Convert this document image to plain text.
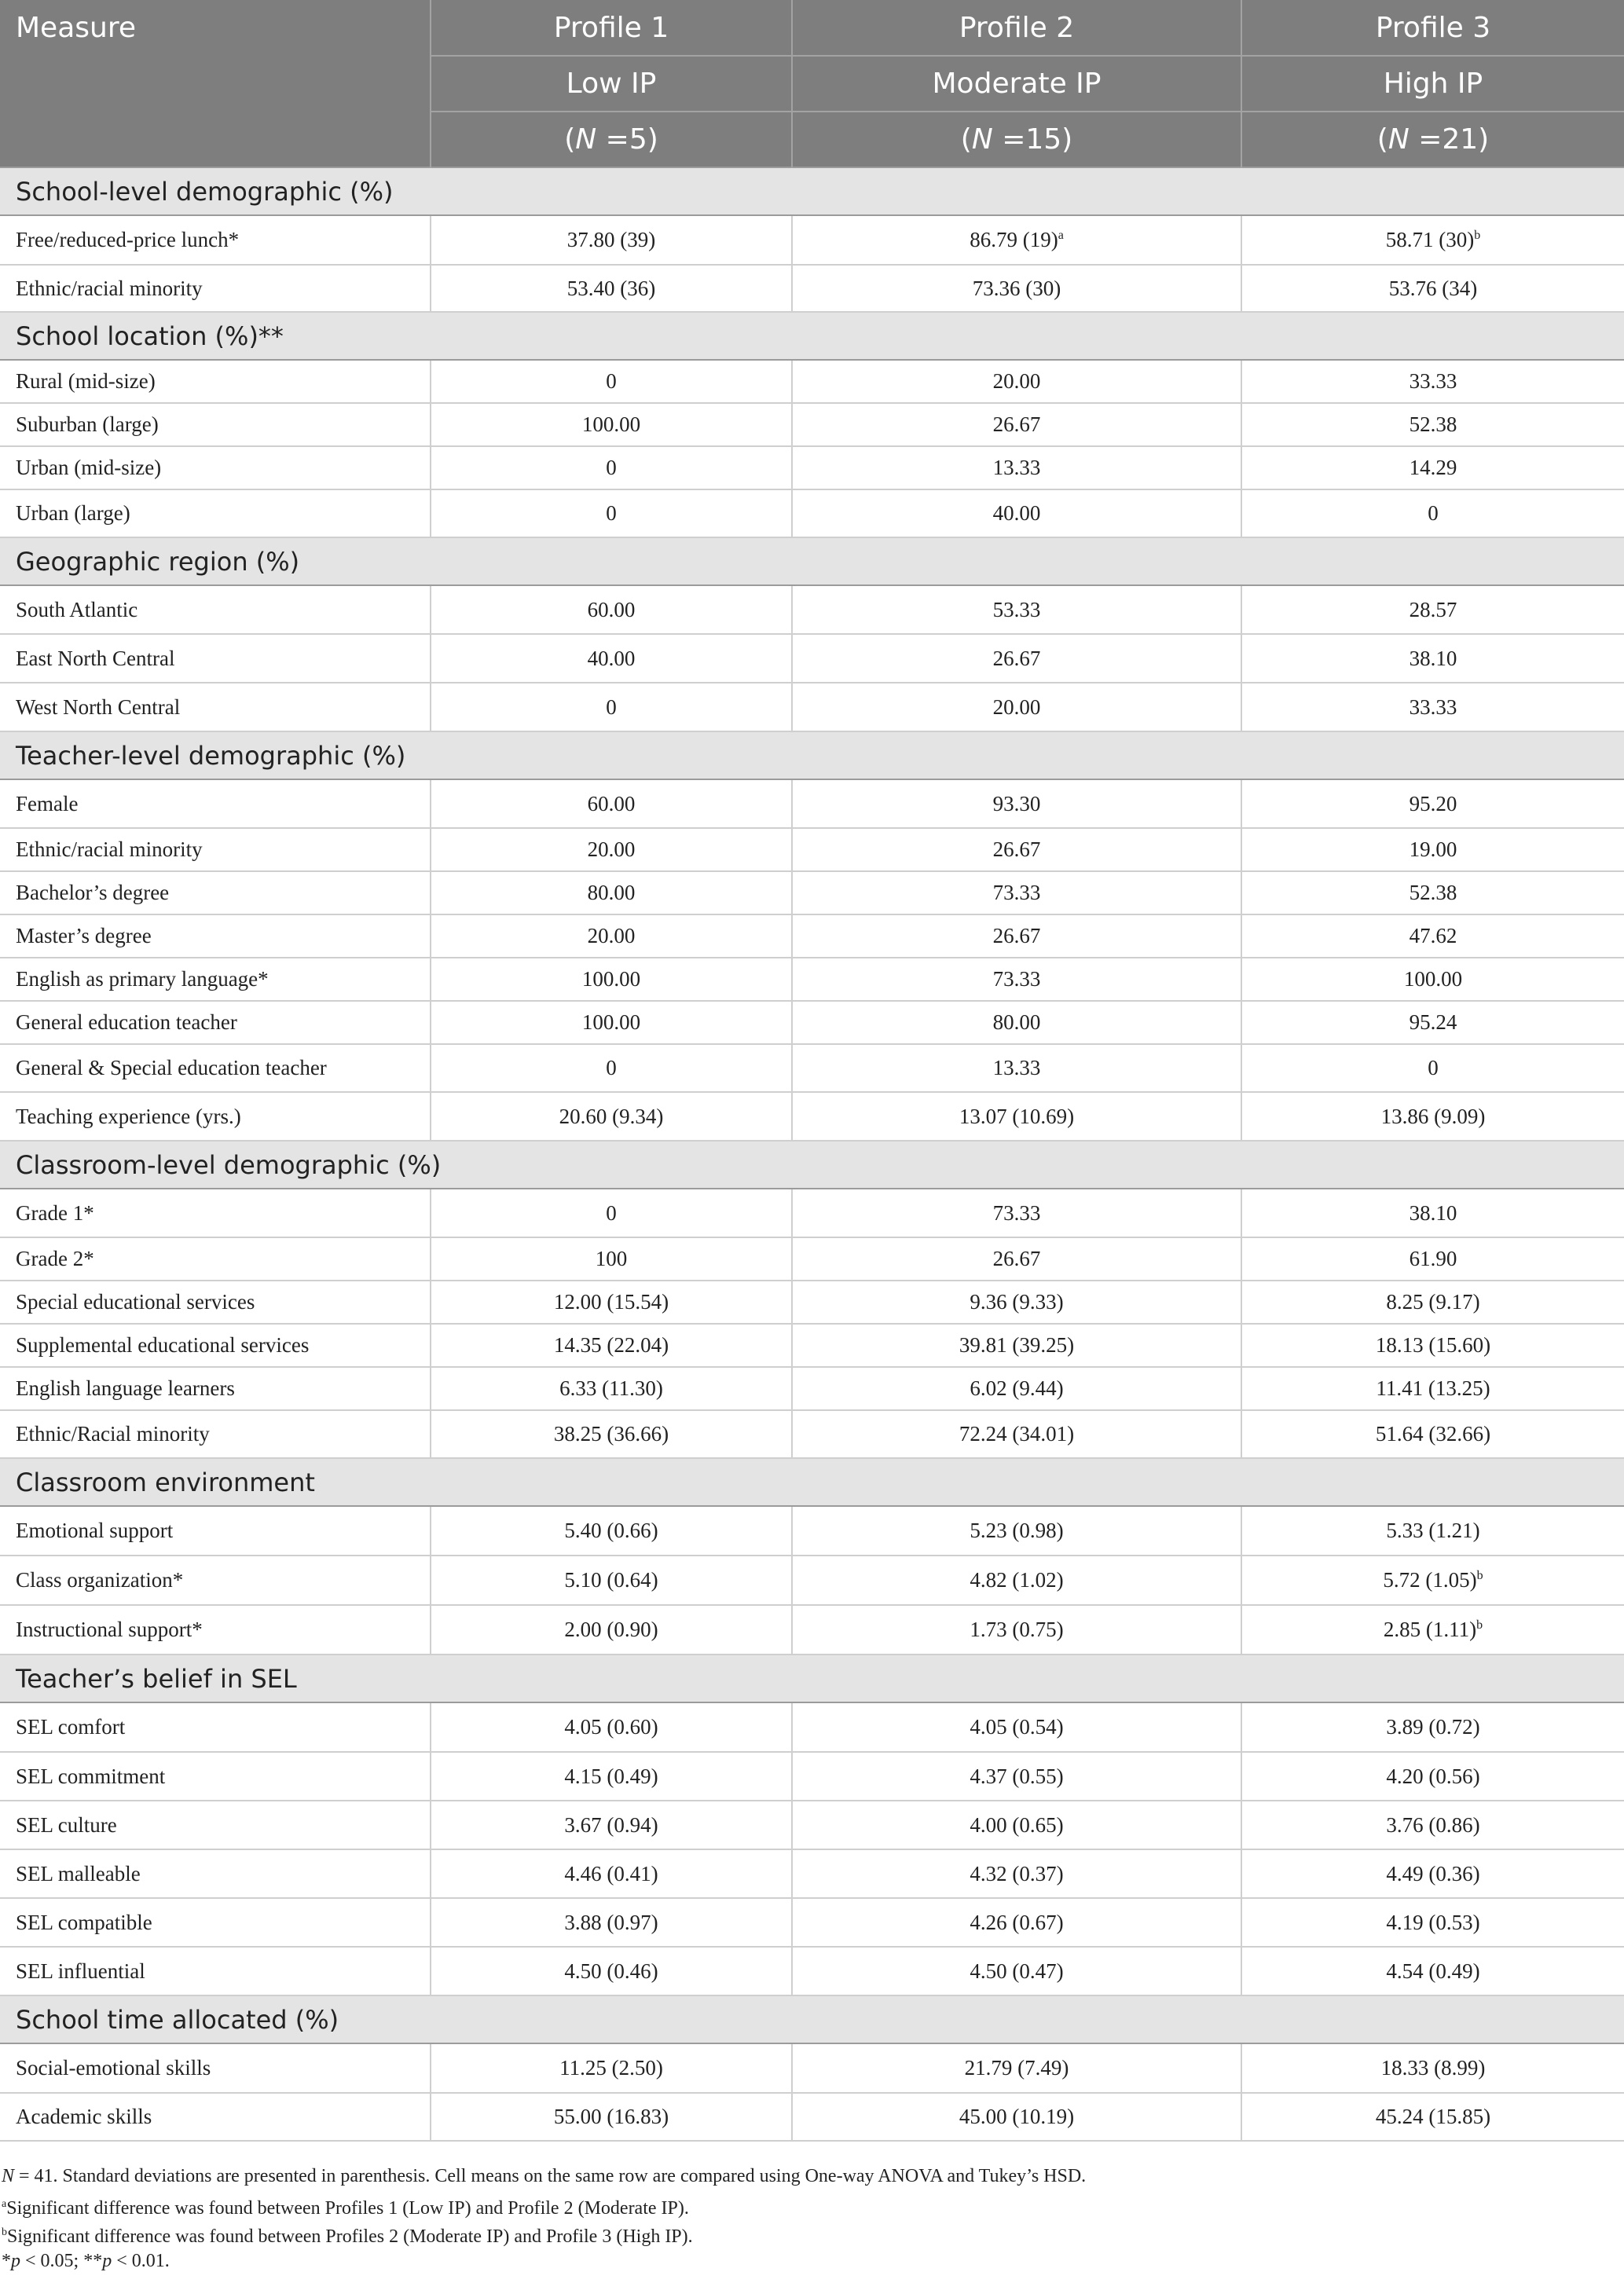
Measure	Profile 1	Profile 2	Profile 3
	Low IP	Moderate IP	High IP
	(N =5)	(N =15)	(N =21)
School-level demographic (%)			
Free/reduced-price lunch*	37.80 (39)	86.79 $(19)^a$	58.71 $(30)^b$
Ethnic/racial minority	53.40 (36)	73.36 (30)	53.76 (34)
School location (%)**			
Rural (mid-size)	0	20.00	33.33
Suburban (large)	100.00	26.67	52.38
Urban (mid-size)	0	13.33	14.29
Urban (large)	0	40.00	0
Geographic region (%)			
South Atlantic	60.00	53.33	28.57
East North Central	40.00	26.67	38.10
West North Central	0	20.00	33.33
Teacher-level demographic (%)			
Female	60.00	93.30	95.20
Ethnic/racial minority	20.00	26.67	19.00
Bachelor’s degree	80.00	73.33	52.38
Master’s degree	20.00	26.67	47.62
English as primary language*	100.00	73.33	100.00
General education teacher	100.00	80.00	95.24
General & Special education teacher	0	13.33	0
Teaching experience (yrs.)	20.60 (9.34)	13.07 (10.69)	13.86 (9.09)
Classroom-level demographic (%)			
Grade 1*	0	73.33	38.10
Grade 2*	100	26.67	61.90
Special educational services	12.00 (15.54)	9.36 (9.33)	8.25 (9.17)
Supplemental educational services	14.35 (22.04)	39.81 (39.25)	18.13 (15.60)
English language learners	6.33 (11.30)	6.02 (9.44)	11.41 (13.25)
Ethnic/Racial minority	38.25 (36.66)	72.24 (34.01)	51.64 (32.66)
Classroom environment			
Emotional support	5.40 (0.66)	5.23 (0.98)	5.33 (1.21)
Class organization*	5.10 (0.64)	4.82 (1.02)	5.72 $(1.05)^b$
Instructional support*	2.00 (0.90)	1.73 (0.75)	2.85 $(1.11)^b$
Teacher’s belief in SEL			
SEL comfort	4.05 (0.60)	4.05 (0.54)	3.89 (0.72)
SEL commitment	4.15 (0.49)	4.37 (0.55)	4.20 (0.56)
SEL culture	3.67 (0.94)	4.00 (0.65)	3.76 (0.86)
SEL malleable	4.46 (0.41)	4.32 (0.37)	4.49 (0.36)
SEL compatible	3.88 (0.97)	4.26 (0.67)	4.19 (0.53)
SEL influential	4.50 (0.46)	4.50 (0.47)	4.54 (0.49)
School time allocated (%)			
Social-emotional skills	11.25 (2.50)	21.79 (7.49)	18.33 (8.99)
Academic skills	55.00 (16.83)	45.00 (10.19)	45.24 (15.85)
N = 41. Standard deviations are presented in parenthesis. Cell means on the same row are compared using One-way ANOVA and Tukey’s HSD.
$^a$Significant difference was found between Profiles 1 (Low IP) and Profile 2 (Moderate IP).
$^b$Significant difference was found between Profiles 2 (Moderate IP) and Profile 3 (High IP).
*p < 0.05; **p < 0.01.
